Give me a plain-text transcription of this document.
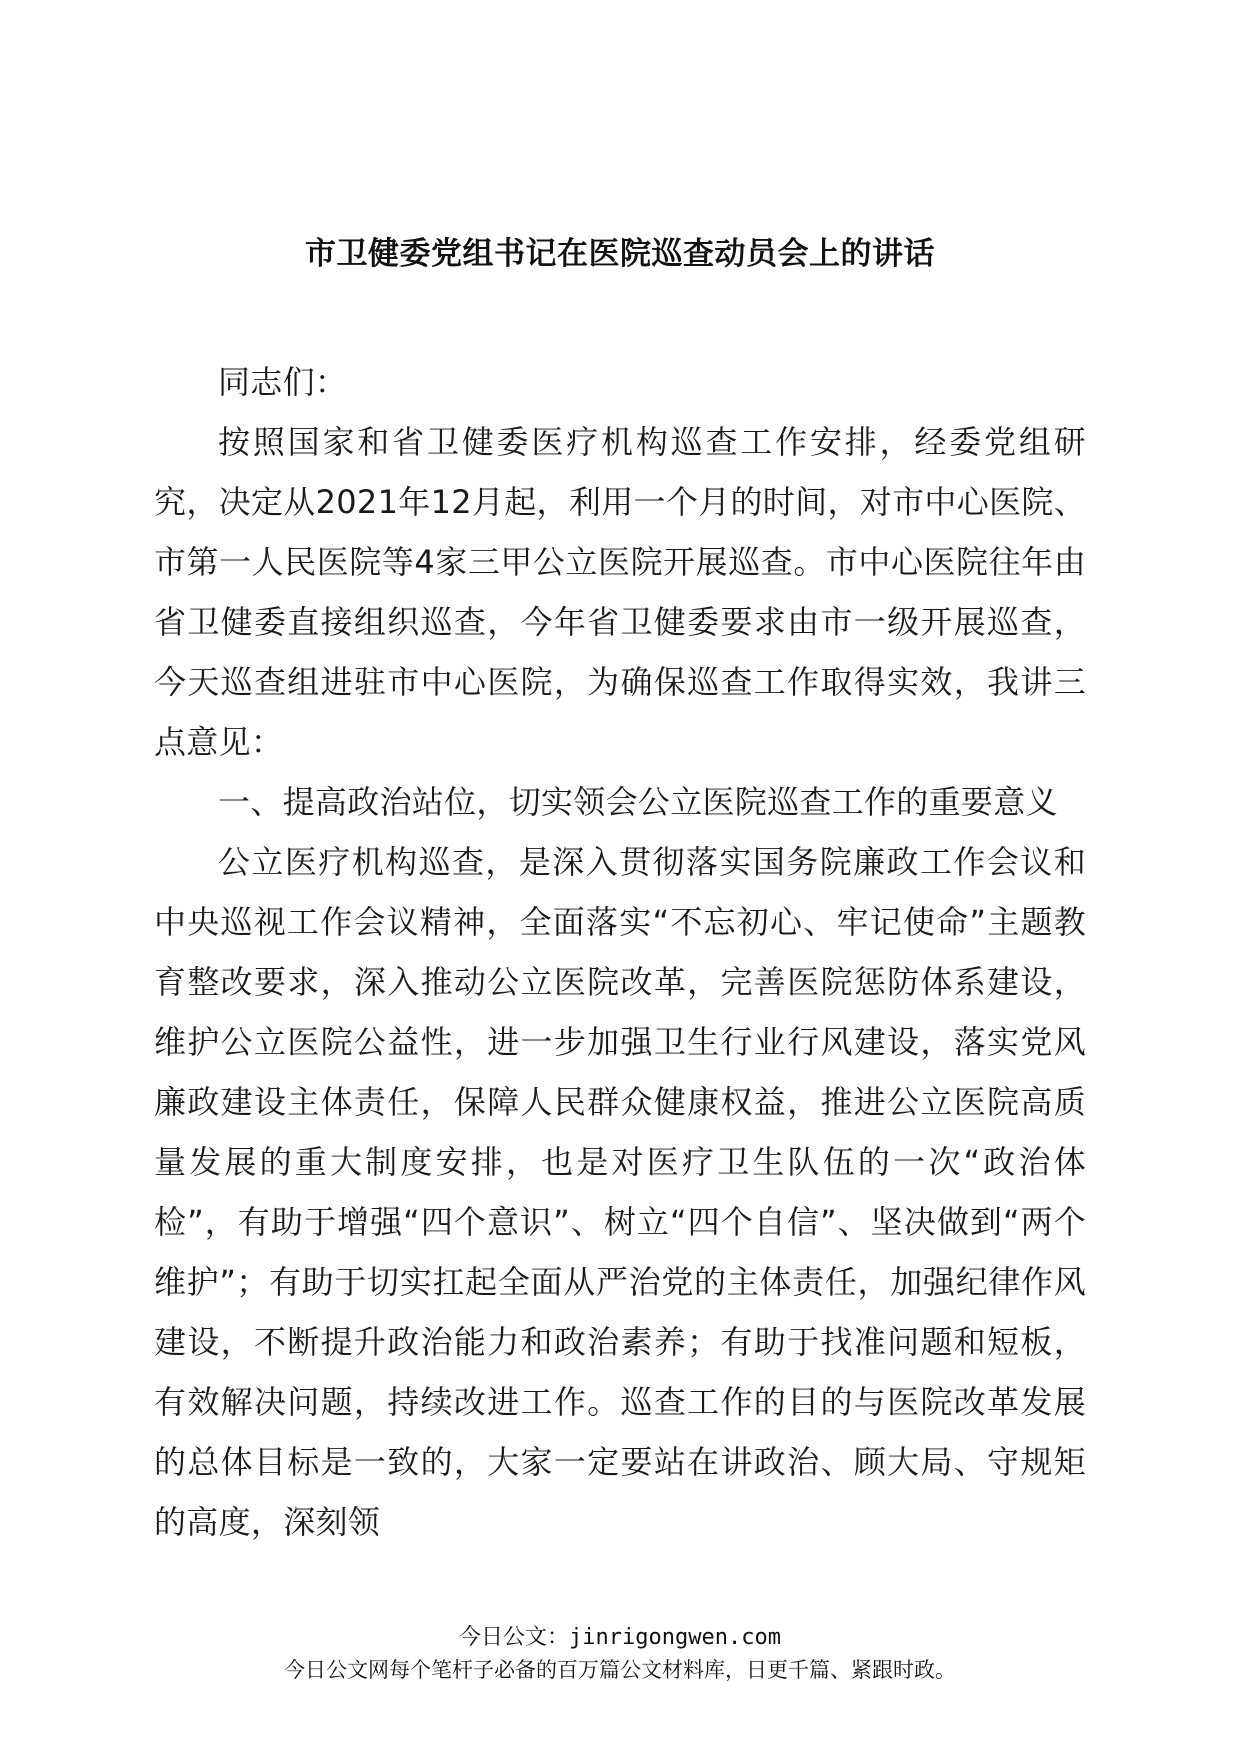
市卫健委党组书记在医院巡查动员会上的讲话

同志们：

按照国家和省卫健委医疗机构巡查工作安排，经委党组研究，决定从2021年12月起，利用一个月的时间，对市中心医院、市第一人民医院等4家三甲公立医院开展巡查。市中心医院往年由省卫健委直接组织巡查，今年省卫健委要求由市一级开展巡查，今天巡查组进驻市中心医院，为确保巡查工作取得实效，我讲三点意见：

一、提高政治站位，切实领会公立医院巡查工作的重要意义

公立医疗机构巡查，是深入贯彻落实国务院廉政工作会议和中央巡视工作会议精神，全面落实“不忘初心、牢记使命”主题教育整改要求，深入推动公立医院改革，完善医院惩防体系建设，维护公立医院公益性，进一步加强卫生行业行风建设，落实党风廉政建设主体责任，保障人民群众健康权益，推进公立医院高质量发展的重大制度安排，也是对医疗卫生队伍的一次“政治体检”，有助于增强“四个意识”、树立“四个自信”、坚决做到“两个维护”；有助于切实扛起全面从严治党的主体责任，加强纪律作风建设，不断提升政治能力和政治素养；有助于找准问题和短板，有效解决问题，持续改进工作。巡查工作的目的与医院改革发展的总体目标是一致的，大家一定要站在讲政治、顾大局、守规矩的高度，深刻领

今日公文：jinrigongwen.com
今日公文网每个笔杆子必备的百万篇公文材料库，日更千篇、紧跟时政。
